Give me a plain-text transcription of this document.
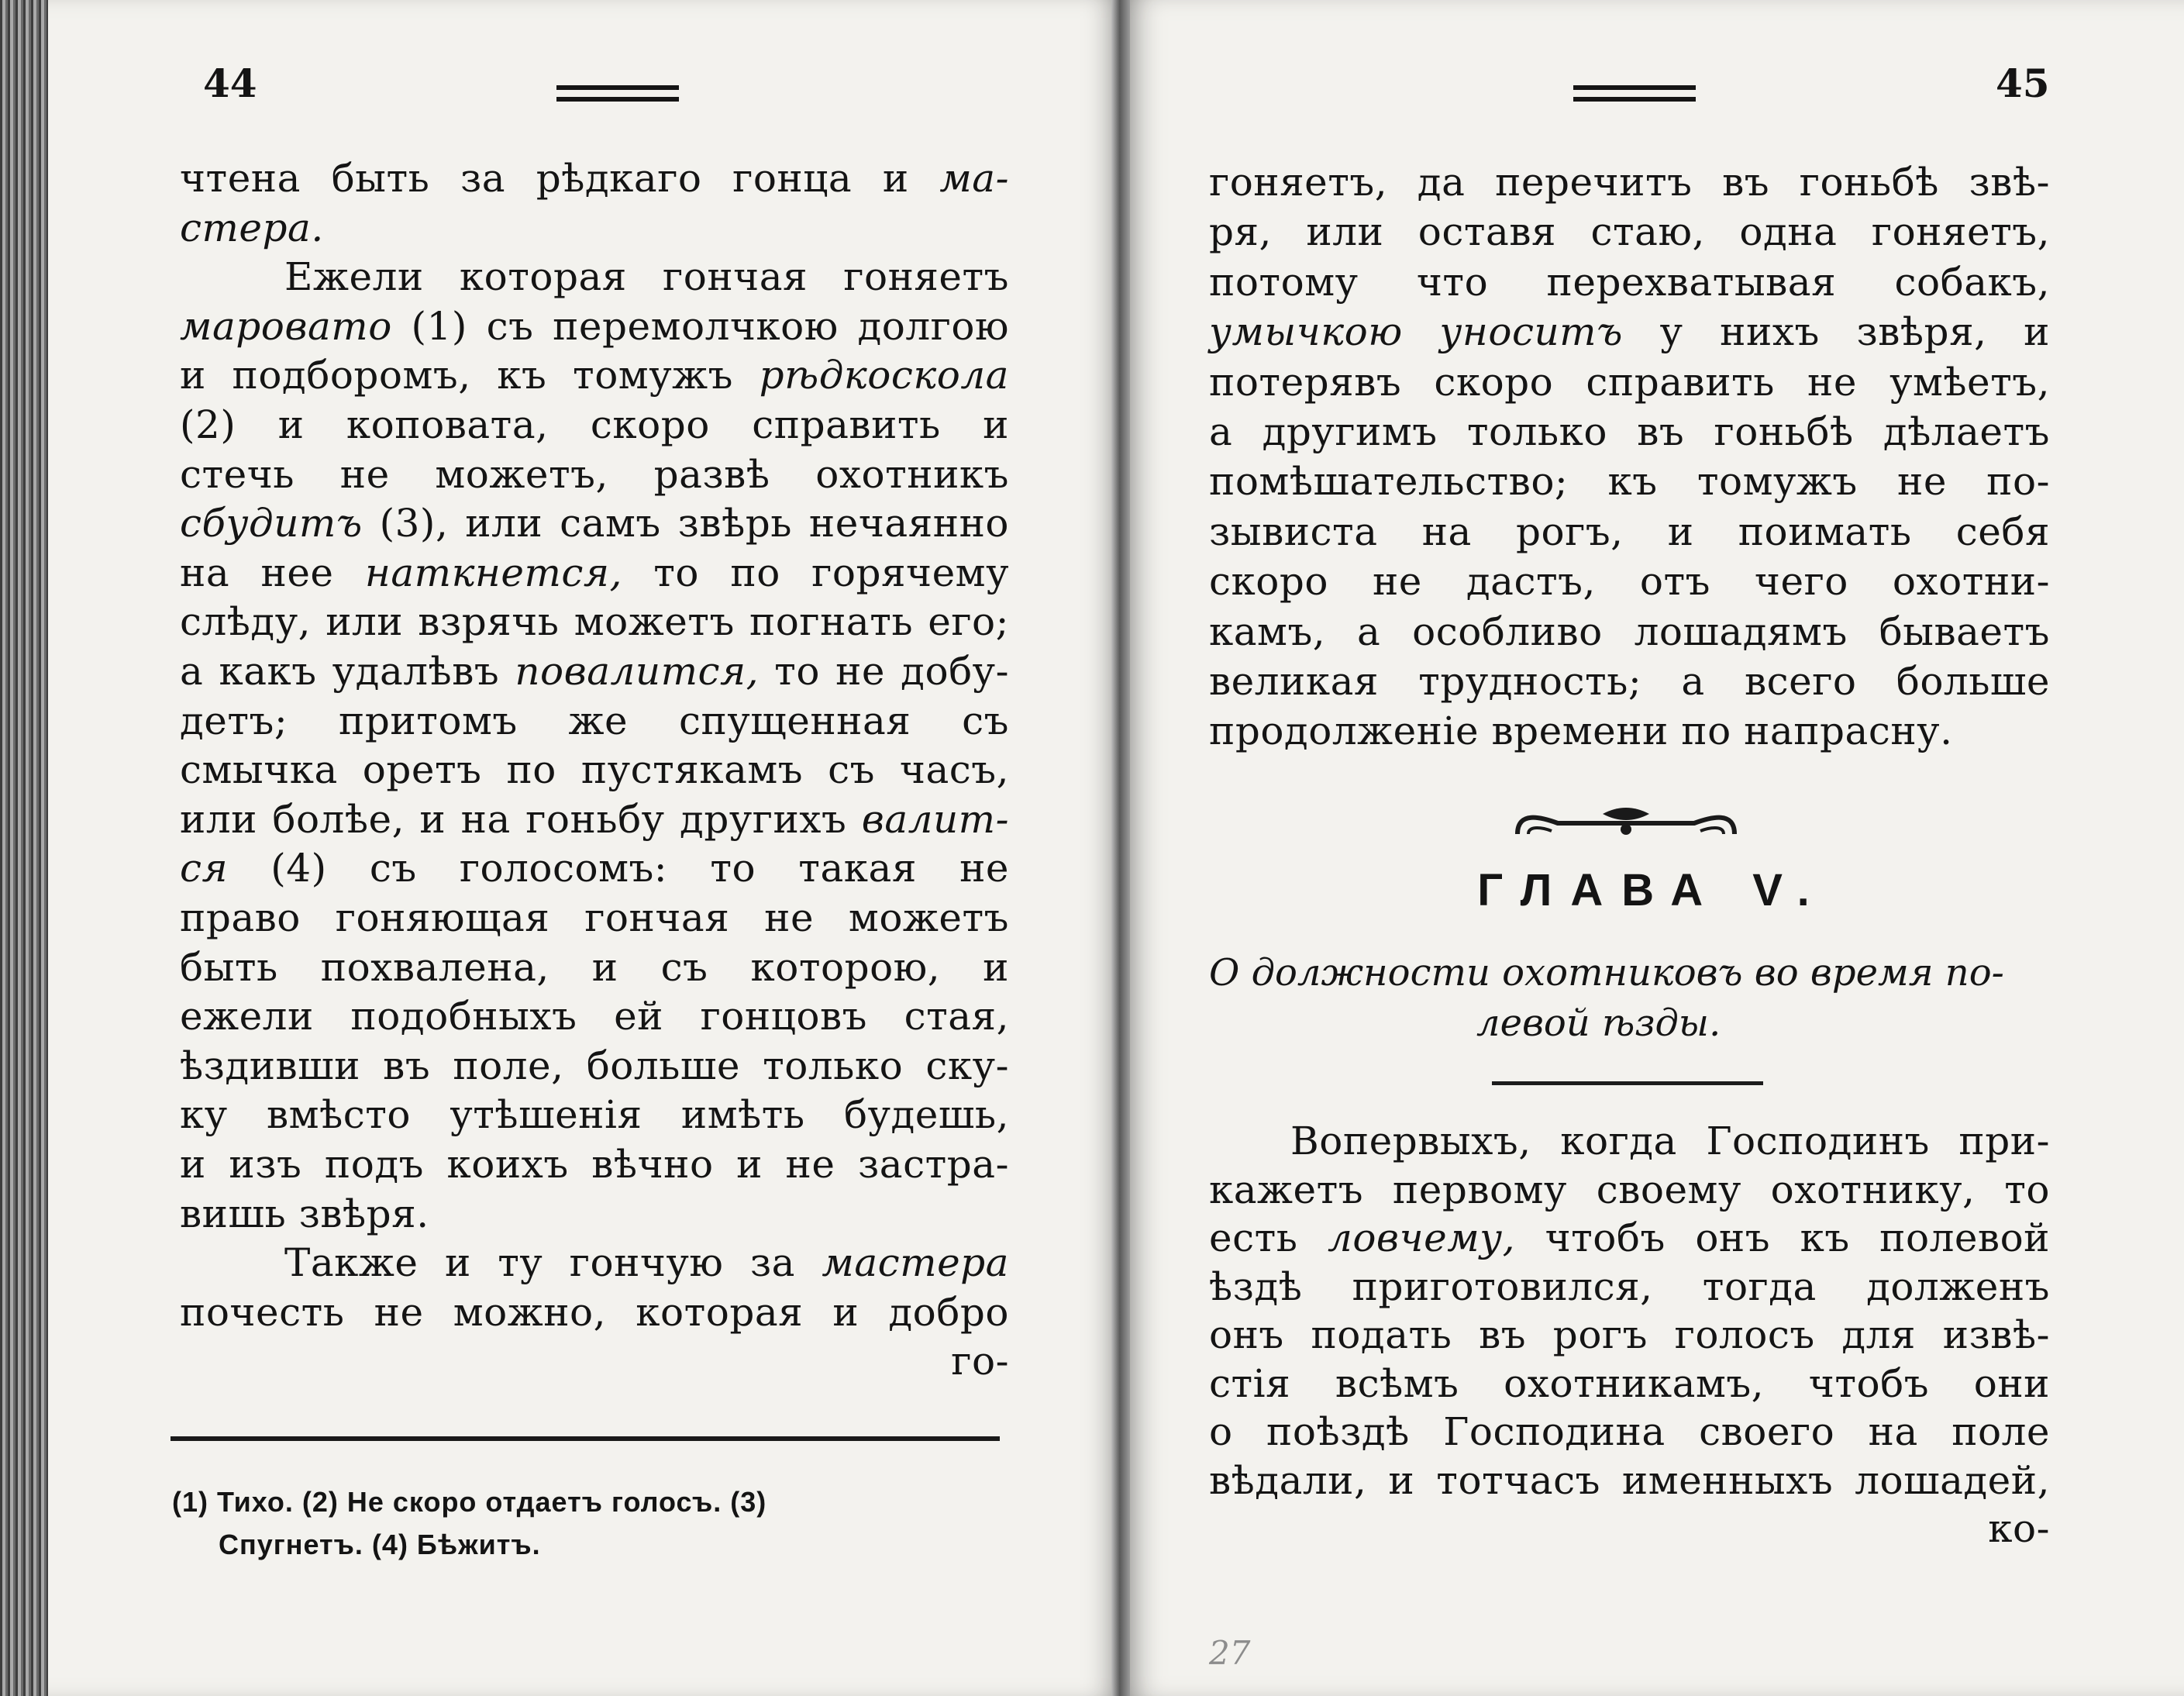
44	45
чтена быть за рѣдкаго гонца и ма-
стера.
Ежели которая гончая гоняетъ
маровато (1) съ перемолчкою долгою
и подборомъ, къ томужъ рѣдкоскола
(2) и коповата, скоро справить и
стечь не можетъ, развѣ охотникъ
сбудитъ (3), или самъ звѣрь нечаянно
на нее наткнется, то по горячему
слѣду, или взрячь можетъ погнать его;
а какъ удалѣвъ повалится, то не добу-
детъ; притомъ же спущенная съ
смычка оретъ по пустякамъ съ часъ,
или болѣе, и на гоньбу другихъ валит-
ся (4) съ голосомъ: то такая не
право гоняющая гончая не можетъ
быть похвалена, и съ которою, и
ежели подобныхъ ей гонцовъ стая,
ѣздивши въ поле, больше только ску-
ку вмѣсто утѣшенія имѣть будешь,
и изъ подъ коихъ вѣчно и не застра-
вишь звѣря.
Также и ту гончую за мастера
почесть не можно, которая и добро
го-
гоняетъ, да перечитъ въ гоньбѣ звѣ-
ря, или оставя стаю, одна гоняетъ,
потому что перехватывая собакъ,
умычкою уноситъ у нихъ звѣря, и
потерявъ скоро справить не умѣетъ,
а другимъ только въ гоньбѣ дѣлаетъ
помѣшательство; къ томужъ не по-
зывиста на рогъ, и поимать себя
скоро не дастъ, отъ чего охотни-
камъ, а особливо лошадямъ бываетъ
великая трудность; а всего больше
продолженіе времени по напрасну.
Вопервыхъ, когда Господинъ при-
кажетъ первому своему охотнику, то
есть ловчему, чтобъ онъ къ полевой
ѣздѣ приготовился, тогда долженъ
онъ подать въ рогъ голосъ для извѣ-
стія всѣмъ охотникамъ, чтобъ они
о поѣздѣ Господина своего на поле
вѣдали, и тотчасъ именныхъ лошадей,
ко-
(1) Тихо. (2) Не скоро отдаетъ голосъ. (3)
Спугнетъ. (4) Бѣжитъ.
ГЛАВА V.
О должности охотниковъ во время по-
левой ѣзды.
27
